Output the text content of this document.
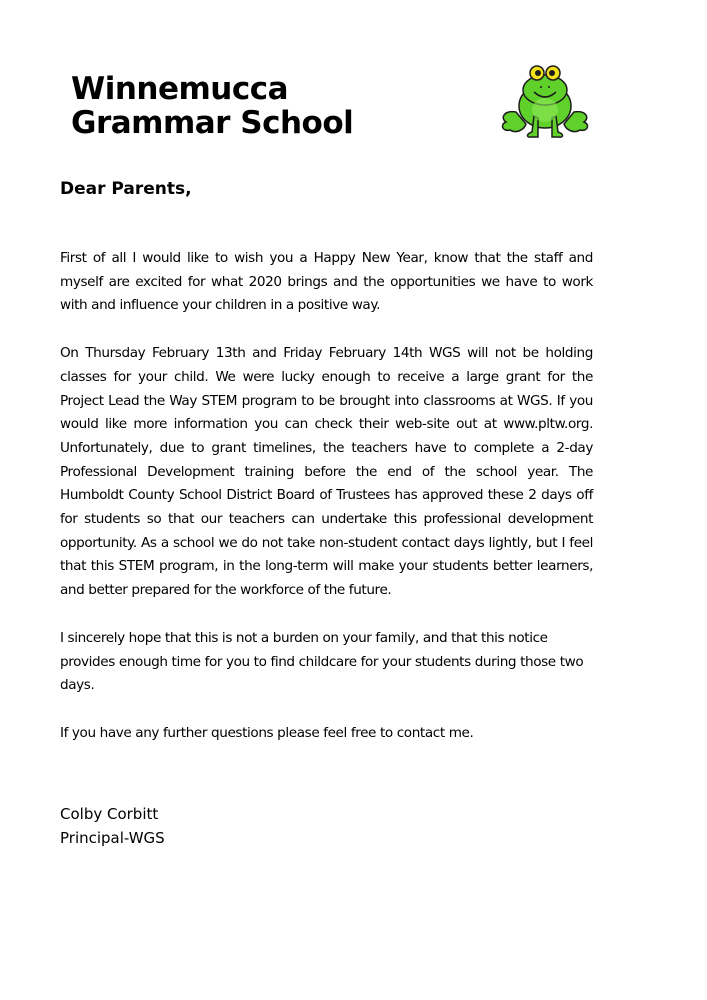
Winnemucca
Grammar School
Dear Parents,

First of all I would like to wish you a Happy New Year, know that the staff and myself are excited for what 2020 brings and the opportunities we have to work with and influence your children in a positive way.

On Thursday February 13th and Friday February 14th WGS will not be holding classes for your child. We were lucky enough to receive a large grant for the Project Lead the Way STEM program to be brought into classrooms at WGS. If you would like more information you can check their web-site out at www.pltw.org. Unfortunately, due to grant timelines, the teachers have to complete a 2-day Professional Development training before the end of the school year. The Humboldt County School District Board of Trustees has approved these 2 days off for students so that our teachers can undertake this professional development opportunity. As a school we do not take non-student contact days lightly, but I feel that this STEM program, in the long-term will make your students better learners, and better prepared for the workforce of the future.

I sincerely hope that this is not a burden on your family, and that this notice provides enough time for you to find childcare for your students during those two days.

If you have any further questions please feel free to contact me.

Colby Corbitt
Principal-WGS
